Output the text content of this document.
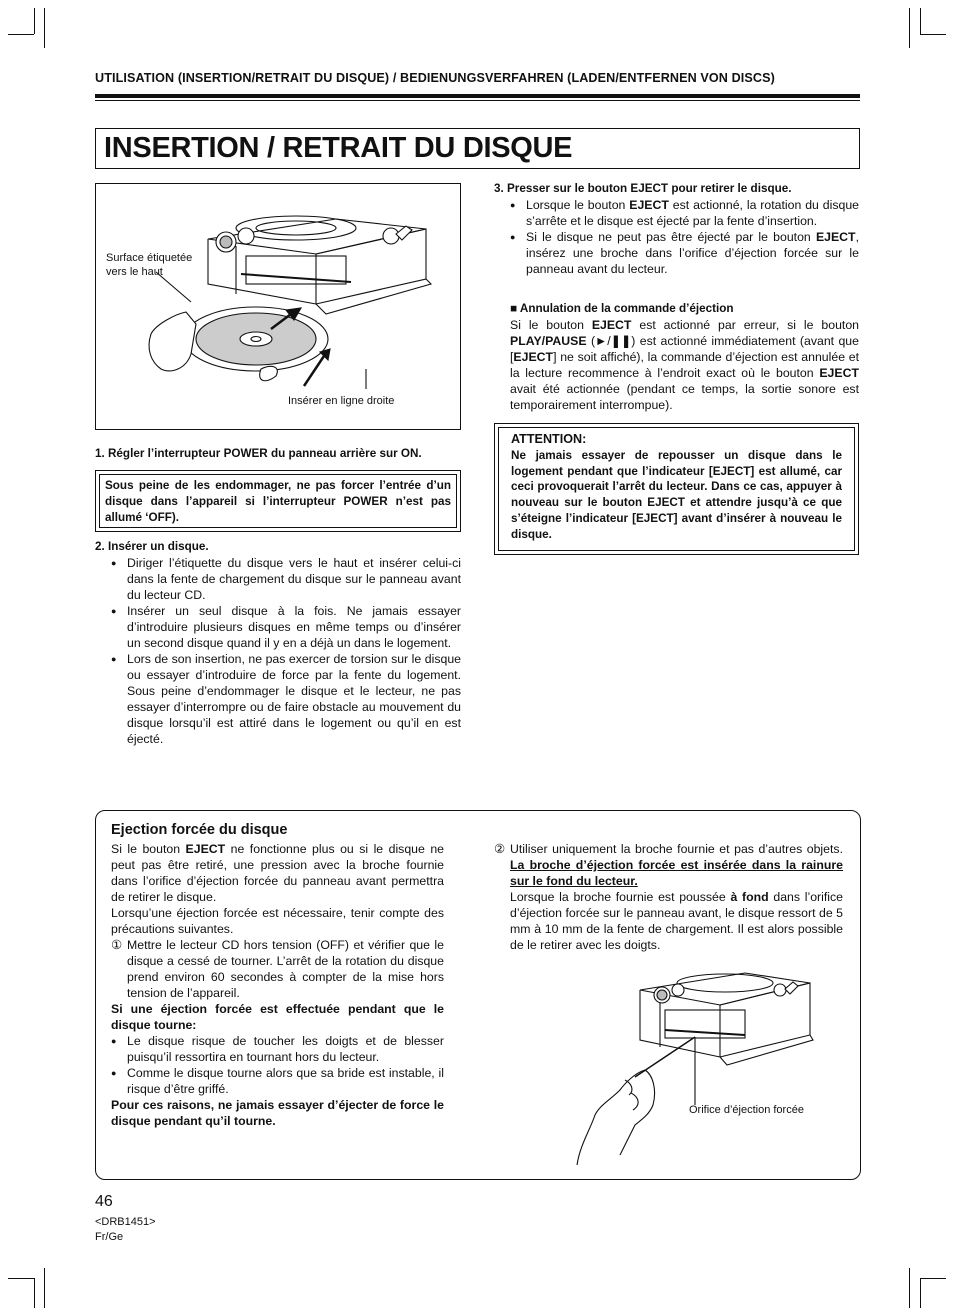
UTILISATION (INSERTION/RETRAIT DU DISQUE) / BEDIENUNGSVERFAHREN (LADEN/ENTFERNEN VON DISCS)
INSERTION / RETRAIT DU DISQUE
Surface étiquetée
vers le haut
Insérer en ligne droite
1. Régler l’interrupteur POWER du panneau arrière sur ON.
Sous peine de les endommager, ne pas forcer l’entrée d’un disque dans l’appareil si l’interrupteur POWER n’est pas allumé ‘OFF).
2. Insérer un disque.
● Diriger l’étiquette du disque vers le haut et insérer celui-ci dans la fente de chargement du disque sur le panneau avant du lecteur CD.
● Insérer un seul disque à la fois. Ne jamais essayer d’introduire plusieurs disques en même temps ou d’insérer un second disque quand il y en a déjà un dans le logement.
● Lors de son insertion, ne pas exercer de torsion sur le disque ou essayer d’introduire de force par la fente du logement. Sous peine d’endommager le disque et le lecteur, ne pas essayer d’interrompre ou de faire obstacle au mouvement du disque lorsqu’il est attiré dans le logement ou qu’il en est éjecté.
3. Presser sur le bouton EJECT pour retirer le disque.
● Lorsque le bouton EJECT est actionné, la rotation du disque s’arrête et le disque est éjecté par la fente d’insertion.
● Si le disque ne peut pas être éjecté par le bouton EJECT, insérez une broche dans l’orifice d’éjection forcée sur le panneau avant du lecteur.
■ Annulation de la commande d’éjection
Si le bouton EJECT est actionné par erreur, si le bouton PLAY/PAUSE (►/❚❚) est actionné immédiatement (avant que [EJECT] ne soit affiché), la commande d’éjection est annulée et la lecture recommence à l’endroit exact où le bouton EJECT avait été actionnée (pendant ce temps, la sortie sonore est temporairement interrompue).
ATTENTION:
Ne jamais essayer de repousser un disque dans le logement pendant que l’indicateur [EJECT] est allumé, car ceci provoquerait l’arrêt du lecteur. Dans ce cas, appuyer à nouveau sur le bouton EJECT et attendre jusqu’à ce que s’éteigne l’indicateur [EJECT] avant d’insérer à nouveau le disque.
Ejection forcée du disque
Si le bouton EJECT ne fonctionne plus ou si le disque ne peut pas être retiré, une pression avec la broche fournie dans l’orifice d’éjection forcée du panneau avant permettra de retirer le disque.
Lorsqu’une éjection forcée est nécessaire, tenir compte des précautions suivantes.
① Mettre le lecteur CD hors tension (OFF) et vérifier que le disque a cessé de tourner. L’arrêt de la rotation du disque prend environ 60 secondes à compter de la mise hors tension de l’appareil.
Si une éjection forcée est effectuée pendant que le disque tourne:
● Le disque risque de toucher les doigts et de blesser puisqu’il ressortira en tournant hors du lecteur.
● Comme le disque tourne alors que sa bride est instable, il risque d’être griffé.
Pour ces raisons, ne jamais essayer d’éjecter de force le disque pendant qu’il tourne.
② Utiliser uniquement la broche fournie et pas d’autres objets. La broche d’éjection forcée est insérée dans la rainure sur le fond du lecteur.
Lorsque la broche fournie est poussée à fond dans l’orifice d’éjection forcée sur le panneau avant, le disque ressort de 5 mm à 10 mm de la fente de chargement. Il est alors possible de le retirer avec les doigts.
Orifice d’éjection forcée
46
<DRB1451>
Fr/Ge
